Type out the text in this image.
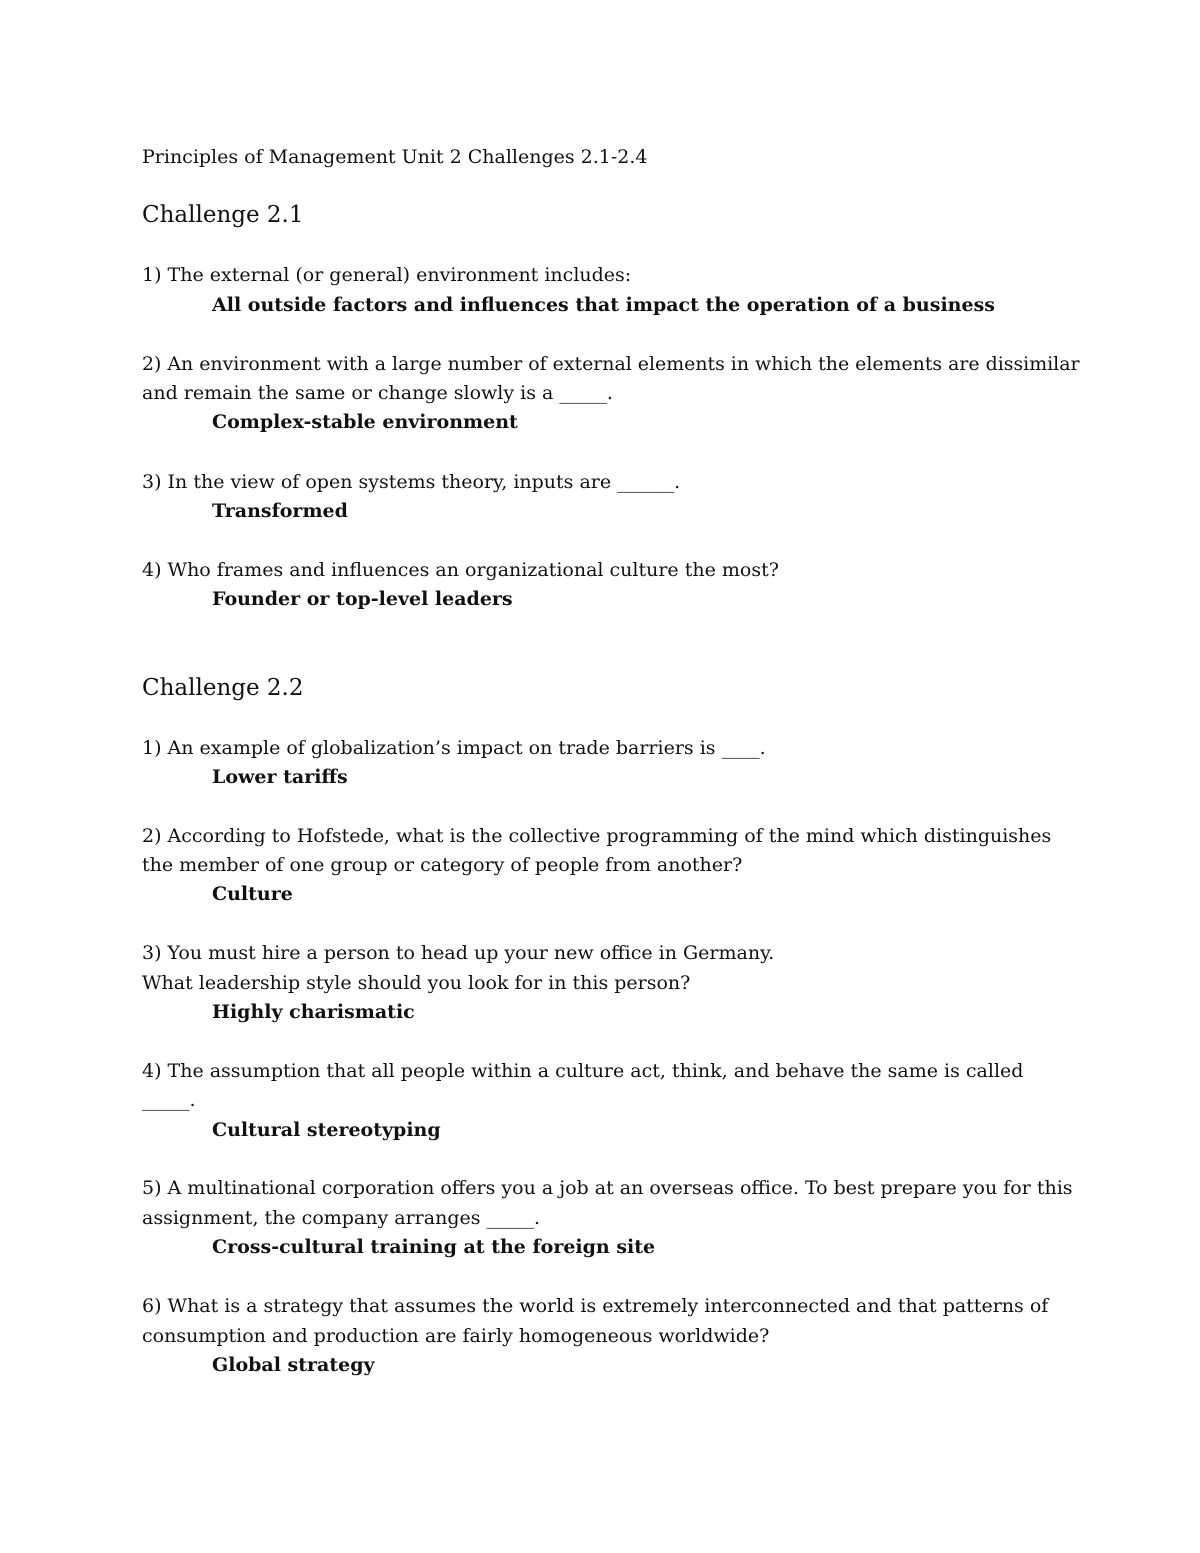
Principles of Management Unit 2 Challenges 2.1-2.4
Challenge 2.1
1) The external (or general) environment includes:
All outside factors and influences that impact the operation of a business
2) An environment with a large number of external elements in which the elements are dissimilar
and remain the same or change slowly is a _____.
Complex-stable environment
3) In the view of open systems theory, inputs are ______.
Transformed
4) Who frames and influences an organizational culture the most?
Founder or top-level leaders
Challenge 2.2
1) An example of globalization’s impact on trade barriers is ____.
Lower tariffs
2) According to Hofstede, what is the collective programming of the mind which distinguishes
the member of one group or category of people from another?
Culture
3) You must hire a person to head up your new office in Germany.
What leadership style should you look for in this person?
Highly charismatic
4) The assumption that all people within a culture act, think, and behave the same is called
_____.
Cultural stereotyping
5) A multinational corporation offers you a job at an overseas office. To best prepare you for this
assignment, the company arranges _____.
Cross-cultural training at the foreign site
6) What is a strategy that assumes the world is extremely interconnected and that patterns of
consumption and production are fairly homogeneous worldwide?
Global strategy
